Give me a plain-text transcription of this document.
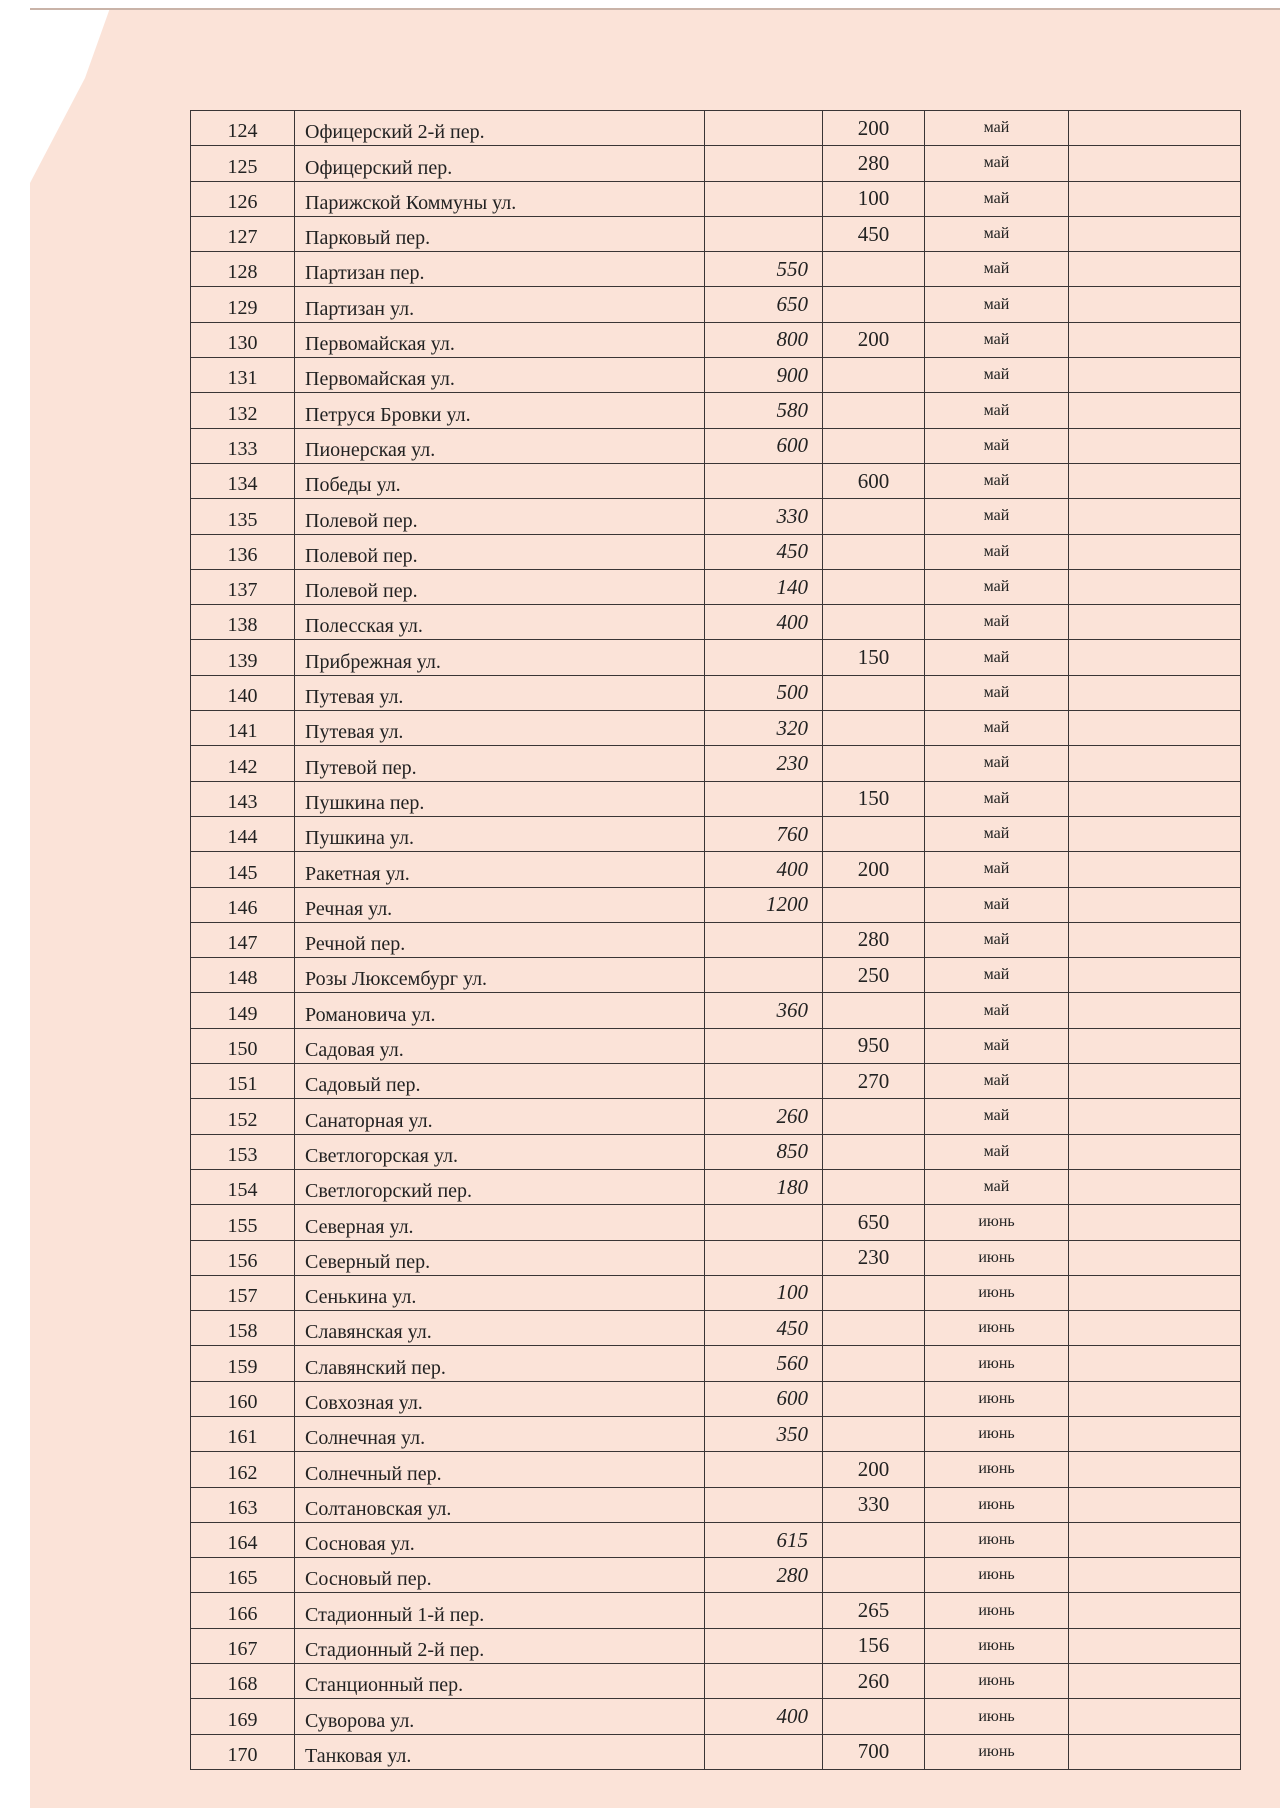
124	Офицерский 2-й пер.		200	май	
125	Офицерский пер.		280	май	
126	Парижской Коммуны ул.		100	май	
127	Парковый пер.		450	май	
128	Партизан пер.	550		май	
129	Партизан ул.	650		май	
130	Первомайская ул.	800	200	май	
131	Первомайская ул.	900		май	
132	Петруся Бровки ул.	580		май	
133	Пионерская ул.	600		май	
134	Победы ул.		600	май	
135	Полевой пер.	330		май	
136	Полевой пер.	450		май	
137	Полевой пер.	140		май	
138	Полесская ул.	400		май	
139	Прибрежная ул.		150	май	
140	Путевая ул.	500		май	
141	Путевая ул.	320		май	
142	Путевой пер.	230		май	
143	Пушкина пер.		150	май	
144	Пушкина ул.	760		май	
145	Ракетная ул.	400	200	май	
146	Речная ул.	1200		май	
147	Речной пер.		280	май	
148	Розы Люксембург ул.		250	май	
149	Романовича ул.	360		май	
150	Садовая ул.		950	май	
151	Садовый пер.		270	май	
152	Санаторная ул.	260		май	
153	Светлогорская ул.	850		май	
154	Светлогорский пер.	180		май	
155	Северная ул.		650	июнь	
156	Северный пер.		230	июнь	
157	Сенькина ул.	100		июнь	
158	Славянская ул.	450		июнь	
159	Славянский пер.	560		июнь	
160	Совхозная ул.	600		июнь	
161	Солнечная ул.	350		июнь	
162	Солнечный пер.		200	июнь	
163	Солтановская ул.		330	июнь	
164	Сосновая ул.	615		июнь	
165	Сосновый пер.	280		июнь	
166	Стадионный 1-й пер.		265	июнь	
167	Стадионный 2-й пер.		156	июнь	
168	Станционный пер.		260	июнь	
169	Суворова ул.	400		июнь	
170	Танковая ул.		700	июнь	
